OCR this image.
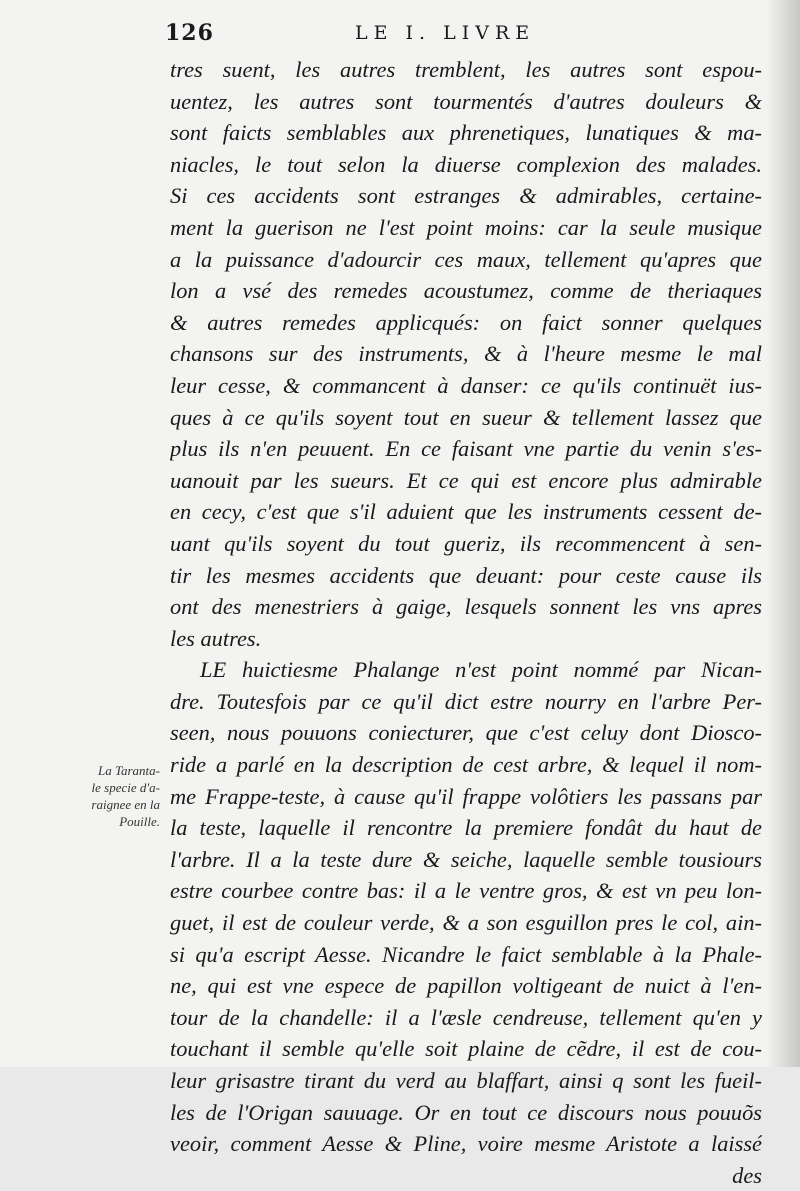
126	LE I. LIVRE
La Taranta-
le specie d'a-
raignee en la
Pouille.
tres suent, les autres tremblent, les autres sont espou-
uentez, les autres sont tourmentés d'autres douleurs &
sont faicts semblables aux phrenetiques, lunatiques & ma-
niacles, le tout selon la diuerse complexion des malades.
Si ces accidents sont estranges & admirables, certaine-
ment la guerison ne l'est point moins: car la seule musique
a la puissance d'adourcir ces maux, tellement qu'apres que
lon a vsé des remedes acoustumez, comme de theriaques
& autres remedes applicqués: on faict sonner quelques
chansons sur des instruments, & à l'heure mesme le mal
leur cesse, & commancent à danser: ce qu'ils continuët ius-
ques à ce qu'ils soyent tout en sueur & tellement lassez que
plus ils n'en peuuent. En ce faisant vne partie du venin s'es-
uanouit par les sueurs. Et ce qui est encore plus admirable
en cecy, c'est que s'il aduient que les instruments cessent de-
uant qu'ils soyent du tout gueriz, ils recommencent à sen-
tir les mesmes accidents que deuant: pour ceste cause ils
ont des menestriers à gaige, lesquels sonnent les vns apres
les autres.
LE huictiesme Phalange n'est point nommé par Nican-
dre. Toutesfois par ce qu'il dict estre nourry en l'arbre Per-
seen, nous pouuons coniecturer, que c'est celuy dont Diosco-
ride a parlé en la description de cest arbre, & lequel il nom-
me Frappe-teste, à cause qu'il frappe volôtiers les passans par
la teste, laquelle il rencontre la premiere fondât du haut de
l'arbre. Il a la teste dure & seiche, laquelle semble tousiours
estre courbee contre bas: il a le ventre gros, & est vn peu lon-
guet, il est de couleur verde, & a son esguillon pres le col, ain-
si qu'a escript Aesse. Nicandre le faict semblable à la Phale-
ne, qui est vne espece de papillon voltigeant de nuict à l'en-
tour de la chandelle: il a l'æsle cendreuse, tellement qu'en y
touchant il semble qu'elle soit plaine de cẽdre, il est de cou-
leur grisastre tirant du verd au blaffart, ainsi q sont les fueil-
les de l'Origan sauuage. Or en tout ce discours nous pouuõs
veoir, comment Aesse & Pline, voire mesme Aristote a laissé
des
